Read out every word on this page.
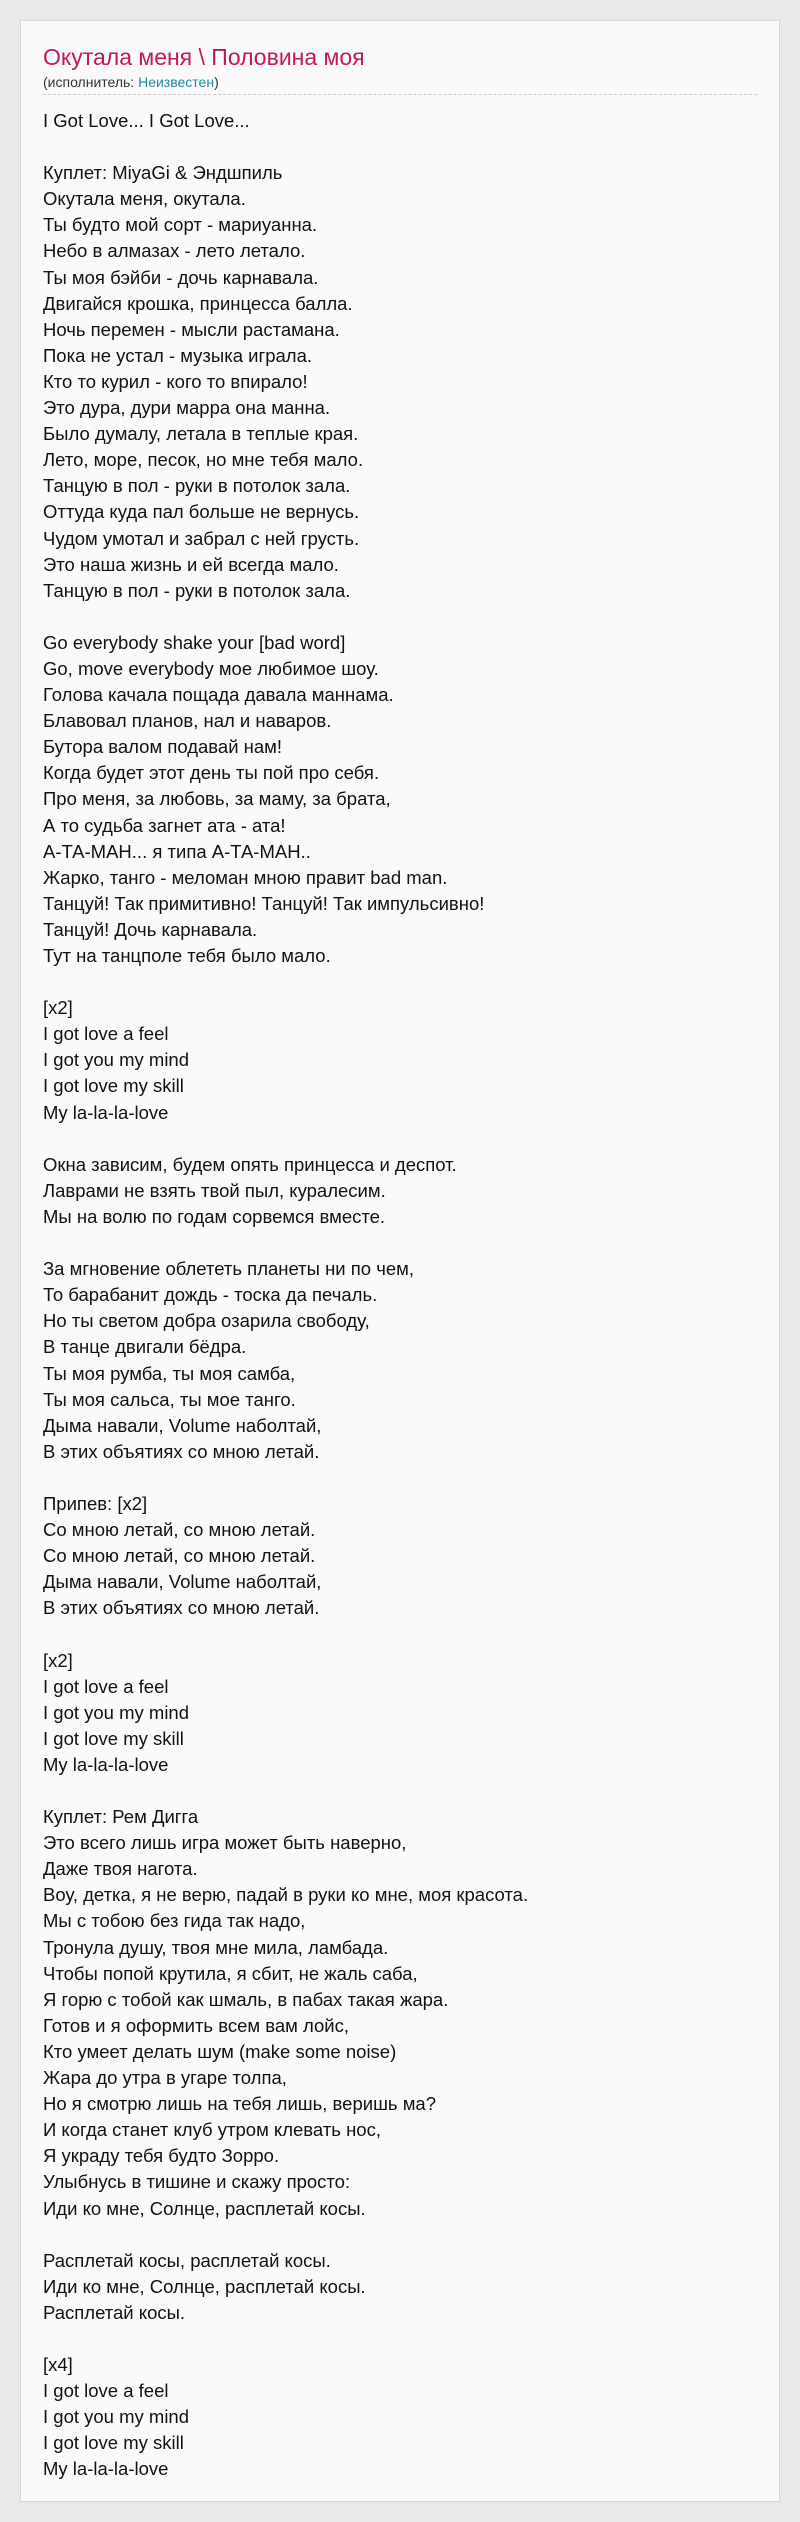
Окутала меня \ Половина моя
(исполнитель: Неизвестен)
I Got Love... I Got Love...
Куплет: MiyaGi & Эндшпиль
Окутала меня, окутала.
Ты будто мой сорт - мариуанна.
Небо в алмазах - лето летало.
Ты моя бэйби - дочь карнавала.
Двигайся крошка, принцесса балла.
Ночь перемен - мысли растамана.
Пока не устал - музыка играла.
Кто то курил - кого то впирало!
Это дура, дури марра она манна.
Было думалу, летала в теплые края.
Лето, море, песок, но мне тебя мало.
Танцую в пол - руки в потолок зала.
Оттуда куда пал больше не вернусь.
Чудом умотал и забрал с ней грусть.
Это наша жизнь и ей всегда мало.
Танцую в пол - руки в потолок зала.
Go everybody shake your [bad word]
Go, move everybody мое любимое шоу.
Голова качала пощада давала маннама.
Блавовал планов, нал и наваров.
Бутора валом подавай нам!
Когда будет этот день ты пой про себя.
Про меня, за любовь, за маму, за брата,
А то судьба загнет ата - ата!
А-ТА-МАН... я типа А-ТА-МАН..
Жарко, танго - меломан мною правит bad man.
Танцуй! Так примитивно! Танцуй! Так импульсивно!
Танцуй! Дочь карнавала.
Тут на танцполе тебя было мало.
[x2]
I got love a feel
I got you my mind
I got love my skill
My la-la-la-love
Окна зависим, будем опять принцесса и деспот.
Лаврами не взять твой пыл, куралесим.
Мы на волю по годам сорвемся вместе.
За мгновение облететь планеты ни по чем,
То барабанит дождь - тоска да печаль.
Но ты светом добра озарила свободу,
В танце двигали бёдра.
Ты моя румба, ты моя самба,
Ты моя сальса, ты мое танго.
Дыма навали, Volume наболтай,
В этих объятиях со мною летай.
Припев: [x2]
Со мною летай, со мною летай.
Со мною летай, со мною летай.
Дыма навали, Volume наболтай,
В этих объятиях со мною летай.
[x2]
I got love a feel
I got you my mind
I got love my skill
My la-la-la-love
Куплет: Рем Дигга
Это всего лишь игра может быть наверно,
Даже твоя нагота.
Воу, детка, я не верю, падай в руки ко мне, моя красота.
Мы с тобою без гида так надо,
Тронула душу, твоя мне мила, ламбада.
Чтобы попой крутила, я сбит, не жаль саба,
Я горю с тобой как шмаль, в пабах такая жара.
Готов и я оформить всем вам лойс,
Кто умеет делать шум (make some noise)
Жара до утра в угаре толпа,
Но я смотрю лишь на тебя лишь, веришь ма?
И когда станет клуб утром клевать нос,
Я украду тебя будто Зорро.
Улыбнусь в тишине и скажу просто:
Иди ко мне, Солнце, расплетай косы.
Расплетай косы, расплетай косы.
Иди ко мне, Солнце, расплетай косы.
Расплетай косы.
[x4]
I got love a feel
I got you my mind
I got love my skill
My la-la-la-love
